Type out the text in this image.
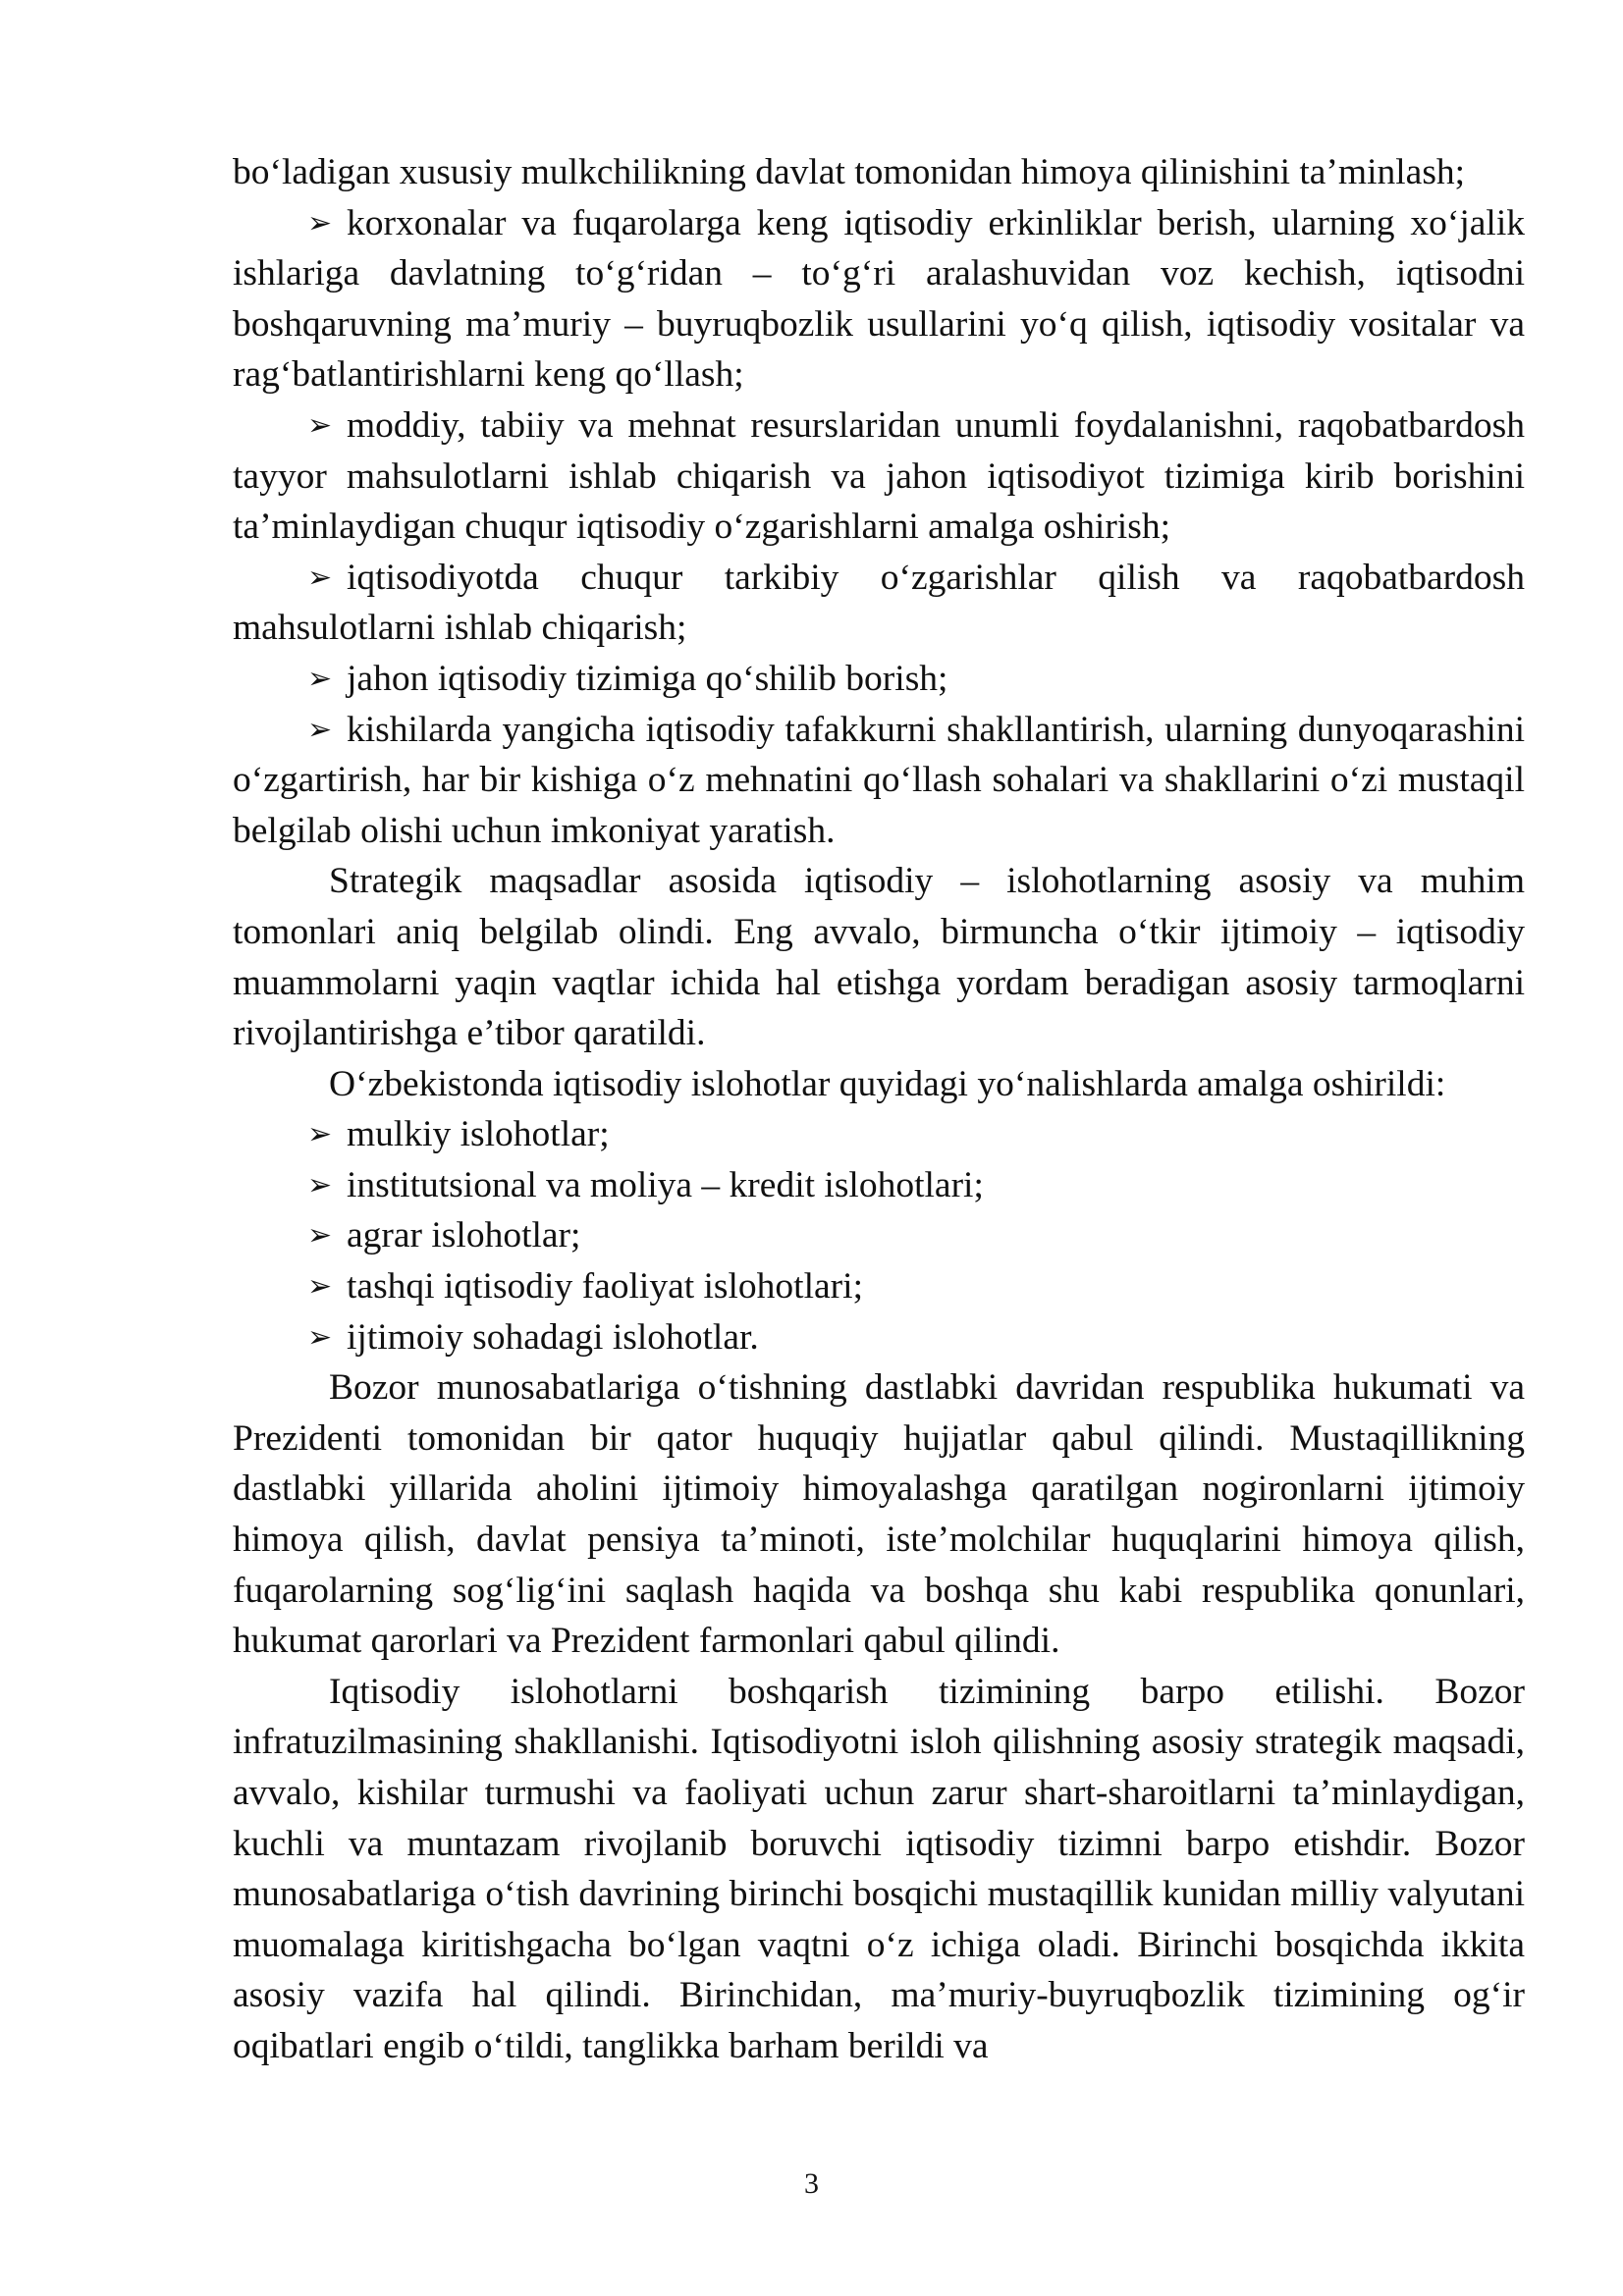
bo‘ladigan xususiy mulkchilikning davlat tomonidan himoya qilinishini ta’minlash;

➢ korxonalar va fuqarolarga keng iqtisodiy erkinliklar berish, ularning xo‘jalik ishlariga davlatning to‘g‘ridan – to‘g‘ri aralashuvidan voz kechish, iqtisodni boshqaruvning ma’muriy – buyruqbozlik usullarini yo‘q qilish, iqtisodiy vositalar va rag‘batlantirishlarni keng qo‘llash;

➢ moddiy, tabiiy va mehnat resurslaridan unumli foydalanishni, raqobatbardosh tayyor mahsulotlarni ishlab chiqarish va jahon iqtisodiyot tizimiga kirib borishini ta’minlaydigan chuqur iqtisodiy o‘zgarishlarni amalga oshirish;

➢ iqtisodiyotda chuqur tarkibiy o‘zgarishlar qilish va raqobatbardosh mahsulotlarni ishlab chiqarish;

➢ jahon iqtisodiy tizimiga qo‘shilib borish;

➢ kishilarda yangicha iqtisodiy tafakkurni shakllantirish, ularning dunyoqarashini o‘zgartirish, har bir kishiga o‘z mehnatini qo‘llash sohalari va shakllarini o‘zi mustaqil belgilab olishi uchun imkoniyat yaratish.

Strategik maqsadlar asosida iqtisodiy – islohotlarning asosiy va muhim tomonlari aniq belgilab olindi. Eng avvalo, birmuncha o‘tkir ijtimoiy – iqtisodiy muammolarni yaqin vaqtlar ichida hal etishga yordam beradigan asosiy tarmoqlarni rivojlantirishga e’tibor qaratildi.

O‘zbekistonda iqtisodiy islohotlar quyidagi yo‘nalishlarda amalga oshirildi:

➢ mulkiy islohotlar;

➢ institutsional va moliya – kredit islohotlari;

➢ agrar islohotlar;

➢ tashqi iqtisodiy faoliyat islohotlari;

➢ ijtimoiy sohadagi islohotlar.

Bozor munosabatlariga o‘tishning dastlabki davridan respublika hukumati va Prezidenti tomonidan bir qator huquqiy hujjatlar qabul qilindi. Mustaqillikning dastlabki yillarida aholini ijtimoiy himoyalashga qaratilgan nogironlarni ijtimoiy himoya qilish, davlat pensiya ta’minoti, iste’molchilar huquqlarini himoya qilish, fuqarolarning sog‘lig‘ini saqlash haqida va boshqa shu kabi respublika qonunlari, hukumat qarorlari va Prezident farmonlari qabul qilindi.

Iqtisodiy islohotlarni boshqarish tizimining barpo etilishi. Bozor infratuzilmasining shakllanishi. Iqtisodiyotni isloh qilishning asosiy strategik maqsadi, avvalo, kishilar turmushi va faoliyati uchun zarur shart-sharoitlarni ta’minlaydigan, kuchli va muntazam rivojlanib boruvchi iqtisodiy tizimni barpo etishdir. Bozor munosabatlariga o‘tish davrining birinchi bosqichi mustaqillik kunidan milliy valyutani muomalaga kiritishgacha bo‘lgan vaqtni o‘z ichiga oladi. Birinchi bosqichda ikkita asosiy vazifa hal qilindi. Birinchidan, ma’muriy-buyruqbozlik tizimining og‘ir oqibatlari engib o‘tildi, tanglikka barham berildi va

3
